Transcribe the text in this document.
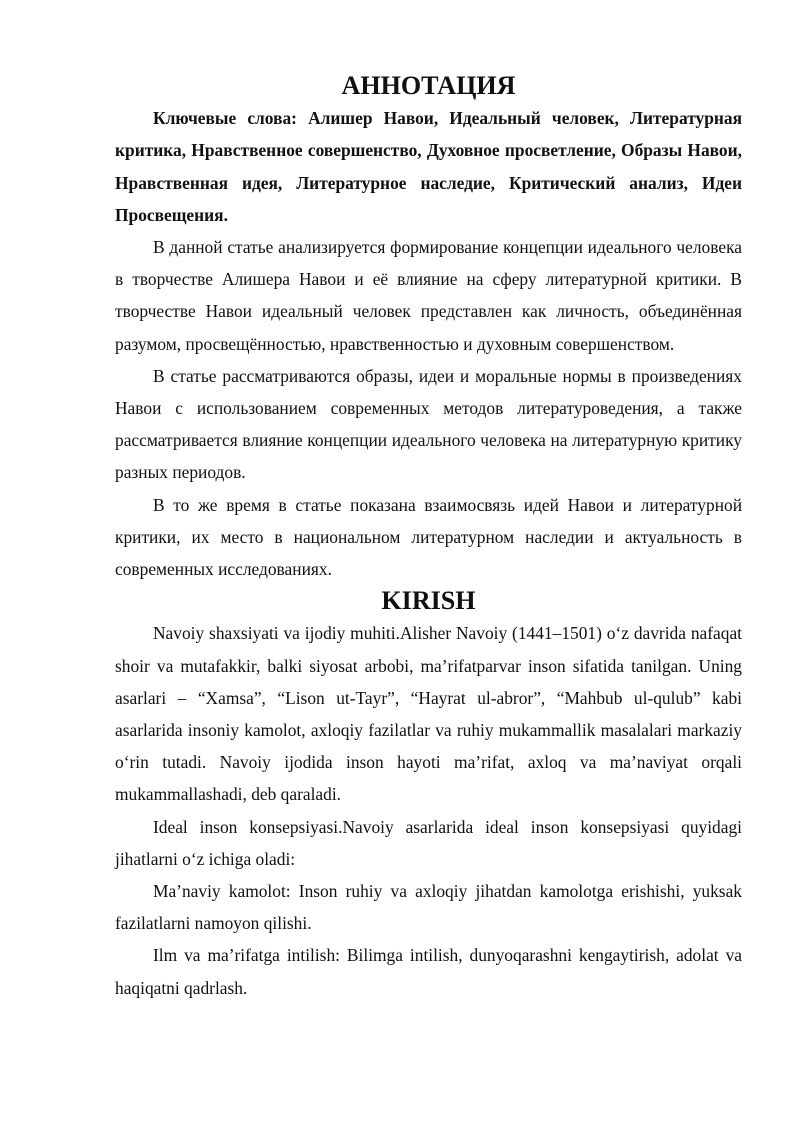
АННОТАЦИЯ

Ключевые слова: Алишер Навои, Идеальный человек, Литературная критика, Нравственное совершенство, Духовное просветление, Образы Навои, Нравственная идея, Литературное наследие, Критический анализ, Идеи Просвещения.

В данной статье анализируется формирование концепции идеального человека в творчестве Алишера Навои и её влияние на сферу литературной критики. В творчестве Навои идеальный человек представлен как личность, объединённая разумом, просвещённостью, нравственностью и духовным совершенством.

В статье рассматриваются образы, идеи и моральные нормы в произведениях Навои с использованием современных методов литературоведения, а также рассматривается влияние концепции идеального человека на литературную критику разных периодов.

В то же время в статье показана взаимосвязь идей Навои и литературной критики, их место в национальном литературном наследии и актуальность в современных исследованиях.

KIRISH

Navoiy shaxsiyati va ijodiy muhiti.Alisher Navoiy (1441–1501) o‘z davrida nafaqat shoir va mutafakkir, balki siyosat arbobi, ma’rifatparvar inson sifatida tanilgan. Uning asarlari – “Xamsa”, “Lison ut-Tayr”, “Hayrat ul-abror”, “Mahbub ul-qulub” kabi asarlarida insoniy kamolot, axloqiy fazilatlar va ruhiy mukammallik masalalari markaziy o‘rin tutadi. Navoiy ijodida inson hayoti ma’rifat, axloq va ma’naviyat orqali mukammallashadi, deb qaraladi.

Ideal inson konsepsiyasi.Navoiy asarlarida ideal inson konsepsiyasi quyidagi jihatlarni o‘z ichiga oladi:

Ma’naviy kamolot: Inson ruhiy va axloqiy jihatdan kamolotga erishishi, yuksak fazilatlarni namoyon qilishi.

Ilm va ma’rifatga intilish: Bilimga intilish, dunyoqarashni kengaytirish, adolat va haqiqatni qadrlash.
